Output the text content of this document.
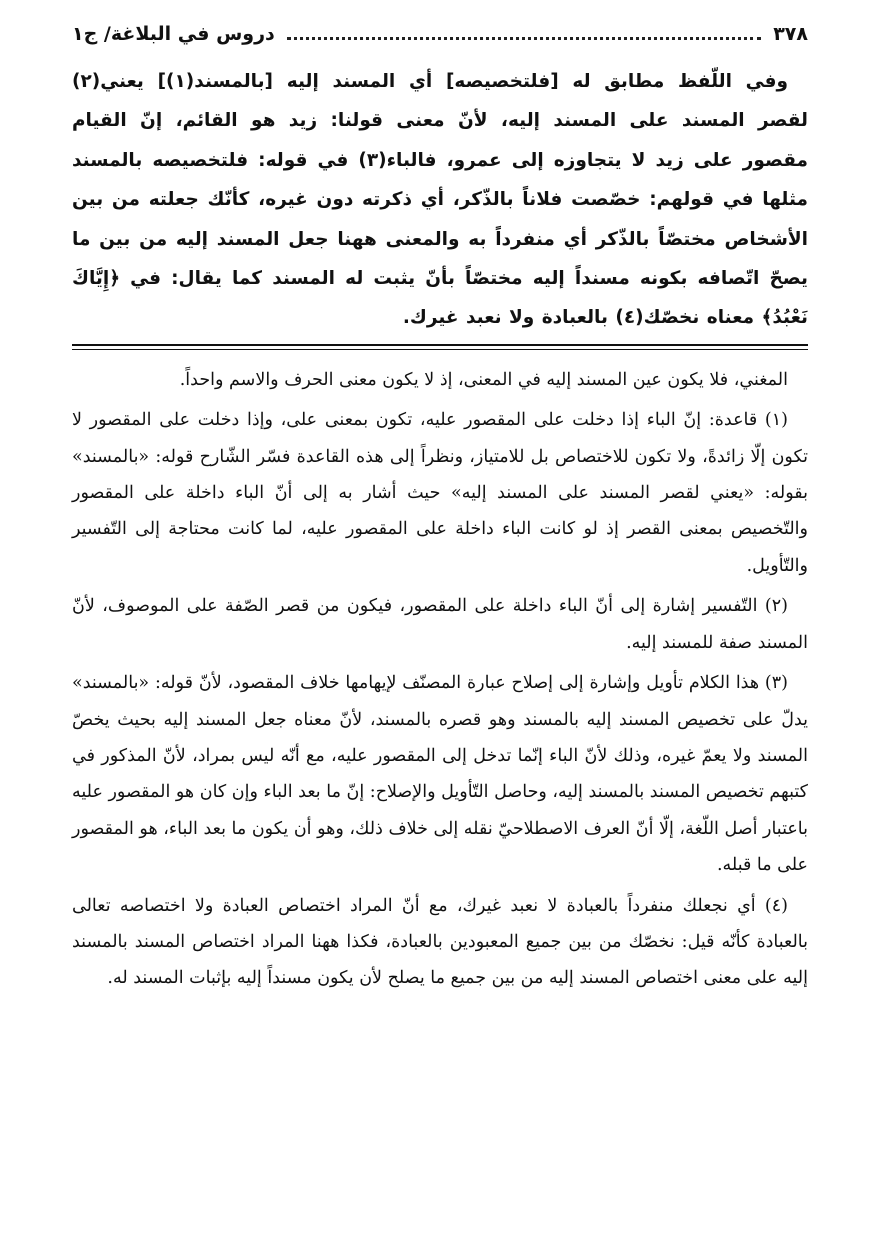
٣٧٨
دروس في البلاغة/ ج١

وفي اللّفظ مطابق له [فلتخصيصه] أي المسند إليه [بالمسند(١)] يعني(٢) لقصر المسند على المسند إليه، لأنّ معنى قولنا: زيد هو القائم، إنّ القيام مقصور على زيد لا يتجاوزه إلى عمرو، فالباء(٣) في قوله: فلتخصيصه بالمسند مثلها في قولهم: خصّصت فلاناً بالذّكر، أي ذكرته دون غيره، كأنّك جعلته من بين الأشخاص مختصّاً بالذّكر أي منفرداً به والمعنى ههنا جعل المسند إليه من بين ما يصحّ اتّصافه بكونه مسنداً إليه مختصّاً بأنّ يثبت له المسند كما يقال: في ﴿إِيَّاكَ نَعْبُدُ﴾ معناه نخصّك(٤) بالعبادة ولا نعبد غيرك.

المغني، فلا يكون عين المسند إليه في المعنى، إذ لا يكون معنى الحرف والاسم واحداً.

(١) قاعدة: إنّ الباء إذا دخلت على المقصور عليه، تكون بمعنى على، وإذا دخلت على المقصور لا تكون إلّا زائدةً، ولا تكون للاختصاص بل للامتياز، ونظراً إلى هذه القاعدة فسّر الشّارح قوله: «بالمسند» بقوله: «يعني لقصر المسند على المسند إليه» حيث أشار به إلى أنّ الباء داخلة على المقصور والتّخصيص بمعنى القصر إذ لو كانت الباء داخلة على المقصور عليه، لما كانت محتاجة إلى التّفسير والتّأويل.

(٢) التّفسير إشارة إلى أنّ الباء داخلة على المقصور، فيكون من قصر الصّفة على الموصوف، لأنّ المسند صفة للمسند إليه.

(٣) هذا الكلام تأويل وإشارة إلى إصلاح عبارة المصنّف لإيهامها خلاف المقصود، لأنّ قوله: «بالمسند» يدلّ على تخصيص المسند إليه بالمسند وهو قصره بالمسند، لأنّ معناه جعل المسند إليه بحيث يخصّ المسند ولا يعمّ غيره، وذلك لأنّ الباء إنّما تدخل إلى المقصور عليه، مع أنّه ليس بمراد، لأنّ المذكور في كتبهم تخصيص المسند بالمسند إليه، وحاصل التّأويل والإصلاح: إنّ ما بعد الباء وإن كان هو المقصور عليه باعتبار أصل اللّغة، إلّا أنّ العرف الاصطلاحيّ نقله إلى خلاف ذلك، وهو أن يكون ما بعد الباء، هو المقصور على ما قبله.

(٤) أي نجعلك منفرداً بالعبادة لا نعبد غيرك، مع أنّ المراد اختصاص العبادة ولا اختصاصه تعالى بالعبادة كأنّه قيل: نخصّك من بين جميع المعبودين بالعبادة، فكذا ههنا المراد اختصاص المسند بالمسند إليه على معنى اختصاص المسند إليه من بين جميع ما يصلح لأن يكون مسنداً إليه بإثبات المسند له.
